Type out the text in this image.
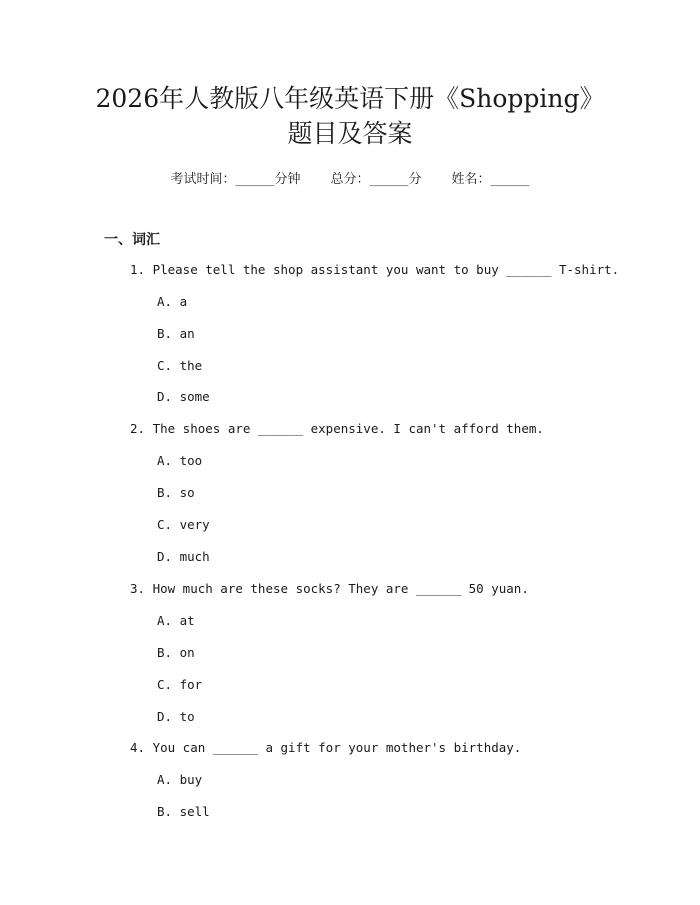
2026年人教版八年级英语下册《Shopping》
题目及答案
考试时间：______分钟 总分：______分 姓名：______
一、词汇
1. Please tell the shop assistant you want to buy ______ T-shirt.
A. a
B. an
C. the
D. some
2. The shoes are ______ expensive. I can't afford them.
A. too
B. so
C. very
D. much
3. How much are these socks? They are ______ 50 yuan.
A. at
B. on
C. for
D. to
4. You can ______ a gift for your mother's birthday.
A. buy
B. sell
